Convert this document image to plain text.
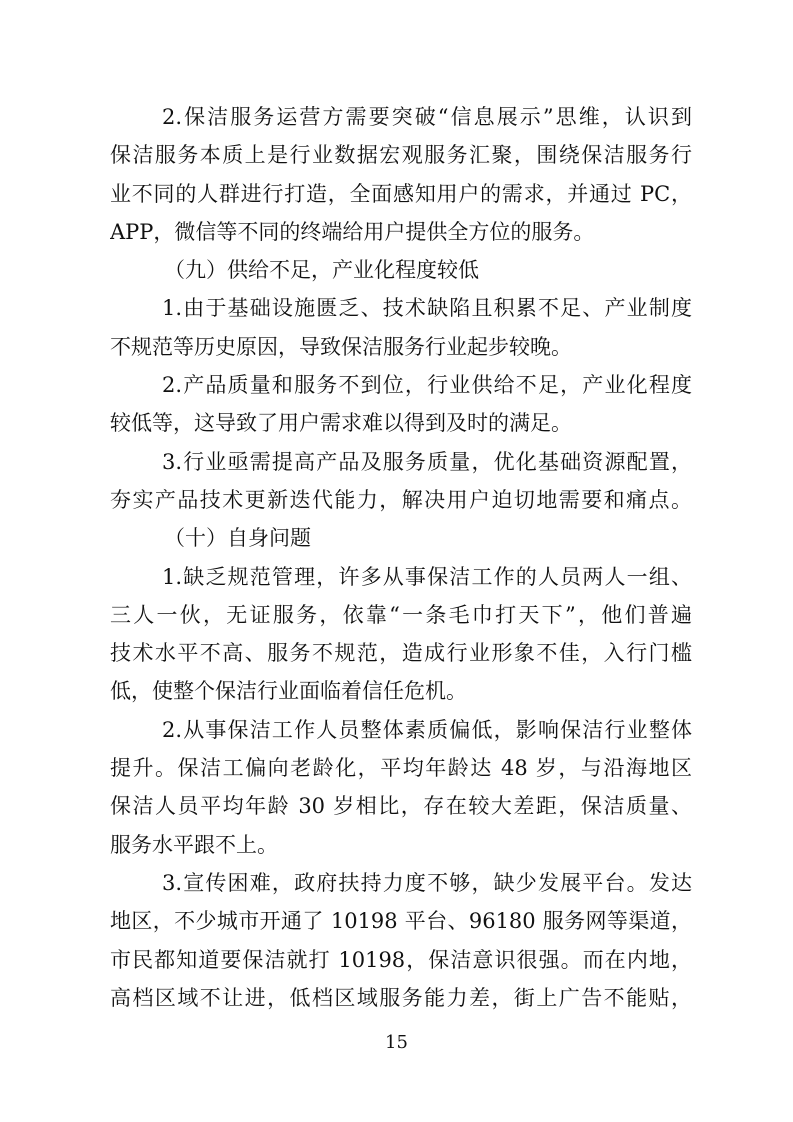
2.保洁服务运营方需要突破“信息展示”思维，认识到
保洁服务本质上是行业数据宏观服务汇聚，围绕保洁服务行
业不同的人群进行打造，全面感知用户的需求，并通过 PC，
APP，微信等不同的终端给用户提供全方位的服务。
（九）供给不足，产业化程度较低
1.由于基础设施匮乏、技术缺陷且积累不足、产业制度
不规范等历史原因，导致保洁服务行业起步较晚。
2.产品质量和服务不到位，行业供给不足，产业化程度
较低等，这导致了用户需求难以得到及时的满足。
3.行业亟需提高产品及服务质量，优化基础资源配置，
夯实产品技术更新迭代能力，解决用户迫切地需要和痛点。
（十）自身问题
1.缺乏规范管理，许多从事保洁工作的人员两人一组、
三人一伙，无证服务，依靠“一条毛巾打天下”，他们普遍
技术水平不高、服务不规范，造成行业形象不佳，入行门槛
低，使整个保洁行业面临着信任危机。
2.从事保洁工作人员整体素质偏低，影响保洁行业整体
提升。保洁工偏向老龄化，平均年龄达 48 岁，与沿海地区
保洁人员平均年龄 30 岁相比，存在较大差距，保洁质量、
服务水平跟不上。
3.宣传困难，政府扶持力度不够，缺少发展平台。发达
地区，不少城市开通了 10198 平台、96180 服务网等渠道，
市民都知道要保洁就打 10198，保洁意识很强。而在内地，
高档区域不让进，低档区域服务能力差，街上广告不能贴，
15
